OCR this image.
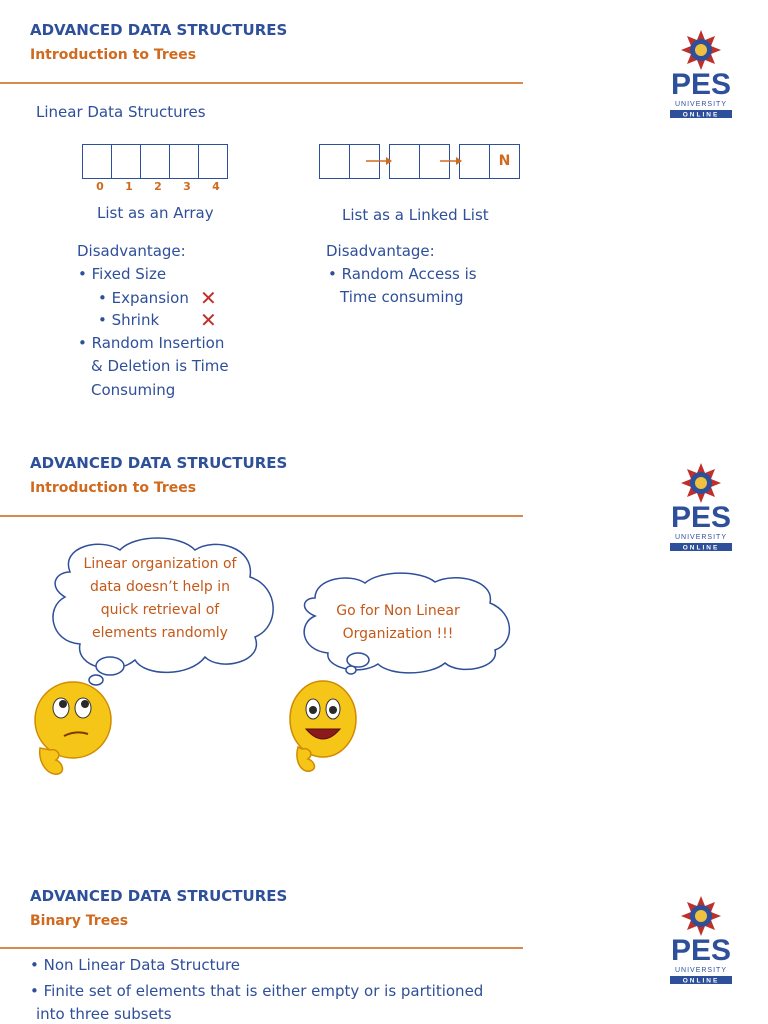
ADVANCED DATA STRUCTURES
Introduction to Trees
PES
UNIVERSITY
ONLINE
Linear Data Structures
0 1 2 3 4
List as an Array
N
List as a Linked List
Disadvantage:
• Fixed Size
• Expansion ✕
• Shrink ✕
• Random Insertion
& Deletion is Time
Consuming
Disadvantage:
• Random Access is
Time consuming
ADVANCED DATA STRUCTURES
Introduction to Trees
PES
UNIVERSITY
ONLINE
Linear organization of
data doesn’t help in
quick retrieval of
elements randomly
Go for Non Linear
Organization !!!
ADVANCED DATA STRUCTURES
Binary Trees
PES
UNIVERSITY
ONLINE
• Non Linear Data Structure
• Finite set of elements that is either empty or is partitioned
into three subsets
